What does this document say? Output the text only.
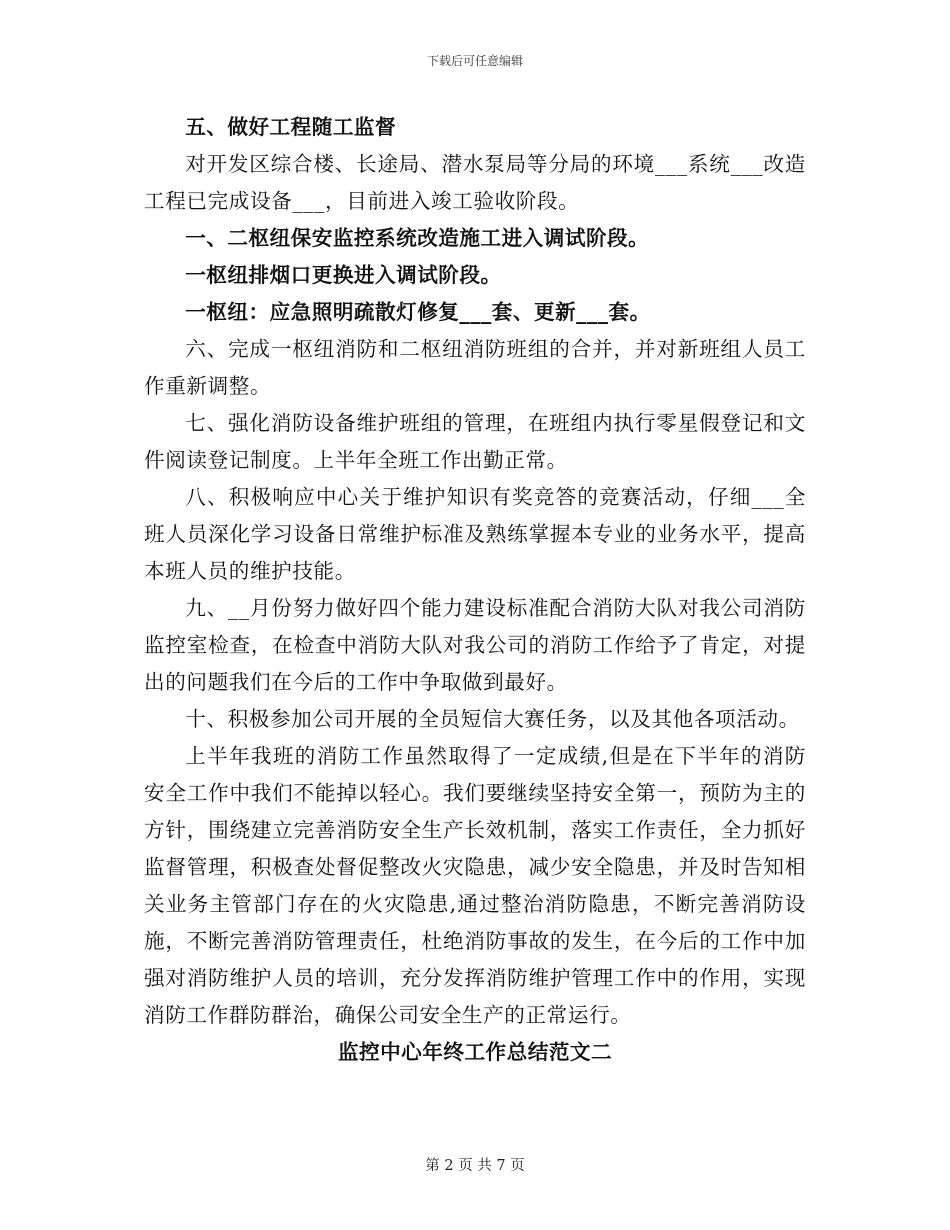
下载后可任意编辑

五、做好工程随工监督

对开发区综合楼、长途局、潜水泵局等分局的环境___系统___改造工程已完成设备___，目前进入竣工验收阶段。

一、二枢纽保安监控系统改造施工进入调试阶段。

一枢纽排烟口更换进入调试阶段。

一枢纽：应急照明疏散灯修复___套、更新___套。

六、完成一枢纽消防和二枢纽消防班组的合并，并对新班组人员工作重新调整。

七、强化消防设备维护班组的管理，在班组内执行零星假登记和文件阅读登记制度。上半年全班工作出勤正常。

八、积极响应中心关于维护知识有奖竞答的竞赛活动，仔细___全班人员深化学习设备日常维护标准及熟练掌握本专业的业务水平，提高本班人员的维护技能。

九、__月份努力做好四个能力建设标准配合消防大队对我公司消防监控室检查，在检查中消防大队对我公司的消防工作给予了肯定，对提出的问题我们在今后的工作中争取做到最好。

十、积极参加公司开展的全员短信大赛任务，以及其他各项活动。

上半年我班的消防工作虽然取得了一定成绩,但是在下半年的消防安全工作中我们不能掉以轻心。我们要继续坚持安全第一，预防为主的方针，围绕建立完善消防安全生产长效机制，落实工作责任，全力抓好监督管理，积极查处督促整改火灾隐患，减少安全隐患，并及时告知相关业务主管部门存在的火灾隐患,通过整治消防隐患，不断完善消防设施，不断完善消防管理责任，杜绝消防事故的发生，在今后的工作中加强对消防维护人员的培训，充分发挥消防维护管理工作中的作用，实现消防工作群防群治，确保公司安全生产的正常运行。

监控中心年终工作总结范文二

第 2 页 共 7 页
